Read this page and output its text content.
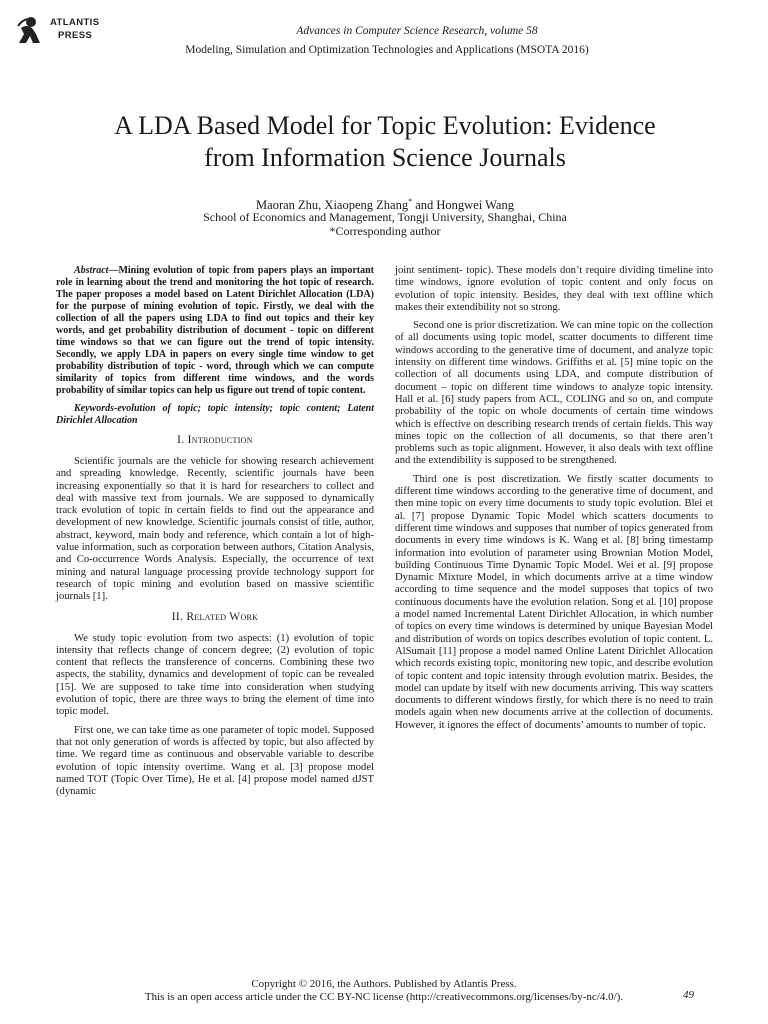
ATLANTIS
PRESS	Advances in Computer Science Research, volume 58
Modeling, Simulation and Optimization Technologies and Applications (MSOTA 2016)
A LDA Based Model for Topic Evolution: Evidence
from Information Science Journals
Maoran Zhu, Xiaopeng Zhang* and Hongwei Wang
School of Economics and Management, Tongji University, Shanghai, China
*Corresponding author

Abstract—Mining evolution of topic from papers plays an important role in learning about the trend and monitoring the hot topic of research. The paper proposes a model based on Latent Dirichlet Allocation (LDA) for the purpose of mining evolution of topic. Firstly, we deal with the collection of all the papers using LDA to find out topics and their key words, and get probability distribution of document - topic on different time windows so that we can figure out the trend of topic intensity. Secondly, we apply LDA in papers on every single time window to get probability distribution of topic - word, through which we can compute similarity of topics from different time windows, and the words probability of similar topics can help us figure out trend of topic content.

Keywords-evolution of topic; topic intensity; topic content; Latent Dirichlet Allocation

I. Introduction

Scientific journals are the vehicle for showing research achievement and spreading knowledge. Recently, scientific journals have been increasing exponentially so that it is hard for researchers to collect and deal with massive text from journals. We are supposed to dynamically track evolution of topic in certain fields to find out the appearance and development of new knowledge. Scientific journals consist of title, author, abstract, keyword, main body and reference, which contain a lot of high-value information, such as corporation between authors, Citation Analysis, and Co-occurrence Words Analysis. Especially, the occurrence of text mining and natural language processing provide technology support for research of topic mining and evolution based on massive scientific journals [1].

II. Related Work

We study topic evolution from two aspects: (1) evolution of topic intensity that reflects change of concern degree; (2) evolution of topic content that reflects the transference of concerns. Combining these two aspects, the stability, dynamics and development of topic can be revealed [15]. We are supposed to take time into consideration when studying evolution of topic, there are three ways to bring the element of time into topic model.

First one, we can take time as one parameter of topic model. Supposed that not only generation of words is affected by topic, but also affected by time. We regard time as continuous and observable variable to describe evolution of topic intensity overtime. Wang et al. [3] propose model named TOT (Topic Over Time), He et al. [4] propose model named dJST (dynamic

joint sentiment- topic). These models don’t require dividing timeline into time windows, ignore evolution of topic content and only focus on evolution of topic intensity. Besides, they deal with text offline which makes their extendibility not so strong.

Second one is prior discretization. We can mine topic on the collection of all documents using topic model, scatter documents to different time windows according to the generative time of document, and analyze topic intensity on different time windows. Griffiths et al. [5] mine topic on the collection of all documents using LDA, and compute distribution of document – topic on different time windows to analyze topic intensity. Hall et al. [6] study papers from ACL, COLING and so on, and compute probability of the topic on whole documents of certain time windows which is effective on describing research trends of certain fields. This way mines topic on the collection of all documents, so that there aren’t problems such as topic alignment. However, it also deals with text offline and the extendibility is supposed to be strengthened.

Third one is post discretization. We firstly scatter documents to different time windows according to the generative time of document, and then mine topic on every time documents to study topic evolution. Blei et al. [7] propose Dynamic Topic Model which scatters documents to different time windows and supposes that number of topics generated from documents in every time windows is K. Wang et al. [8] bring timestamp information into evolution of parameter using Brownian Motion Model, building Continuous Time Dynamic Topic Model. Wei et al. [9] propose Dynamic Mixture Model, in which documents arrive at a time window according to time sequence and the model supposes that topics of two continuous documents have the evolution relation. Song et al. [10] propose a model named Incremental Latent Dirichlet Allocation, in which number of topics on every time windows is determined by unique Bayesian Model and distribution of words on topics describes evolution of topic content. L. AlSumait [11] propose a model named Online Latent Dirichlet Allocation which records existing topic, monitoring new topic, and describe evolution of topic content and topic intensity through evolution matrix. Besides, the model can update by itself with new documents arriving. This way scatters documents to different windows firstly, for which there is no need to train models again when new documents arrive at the collection of documents. However, it ignores the effect of documents’ amounts to number of topic.

Copyright © 2016, the Authors. Published by Atlantis Press.
This is an open access article under the CC BY-NC license (http://creativecommons.org/licenses/by-nc/4.0/).	49
